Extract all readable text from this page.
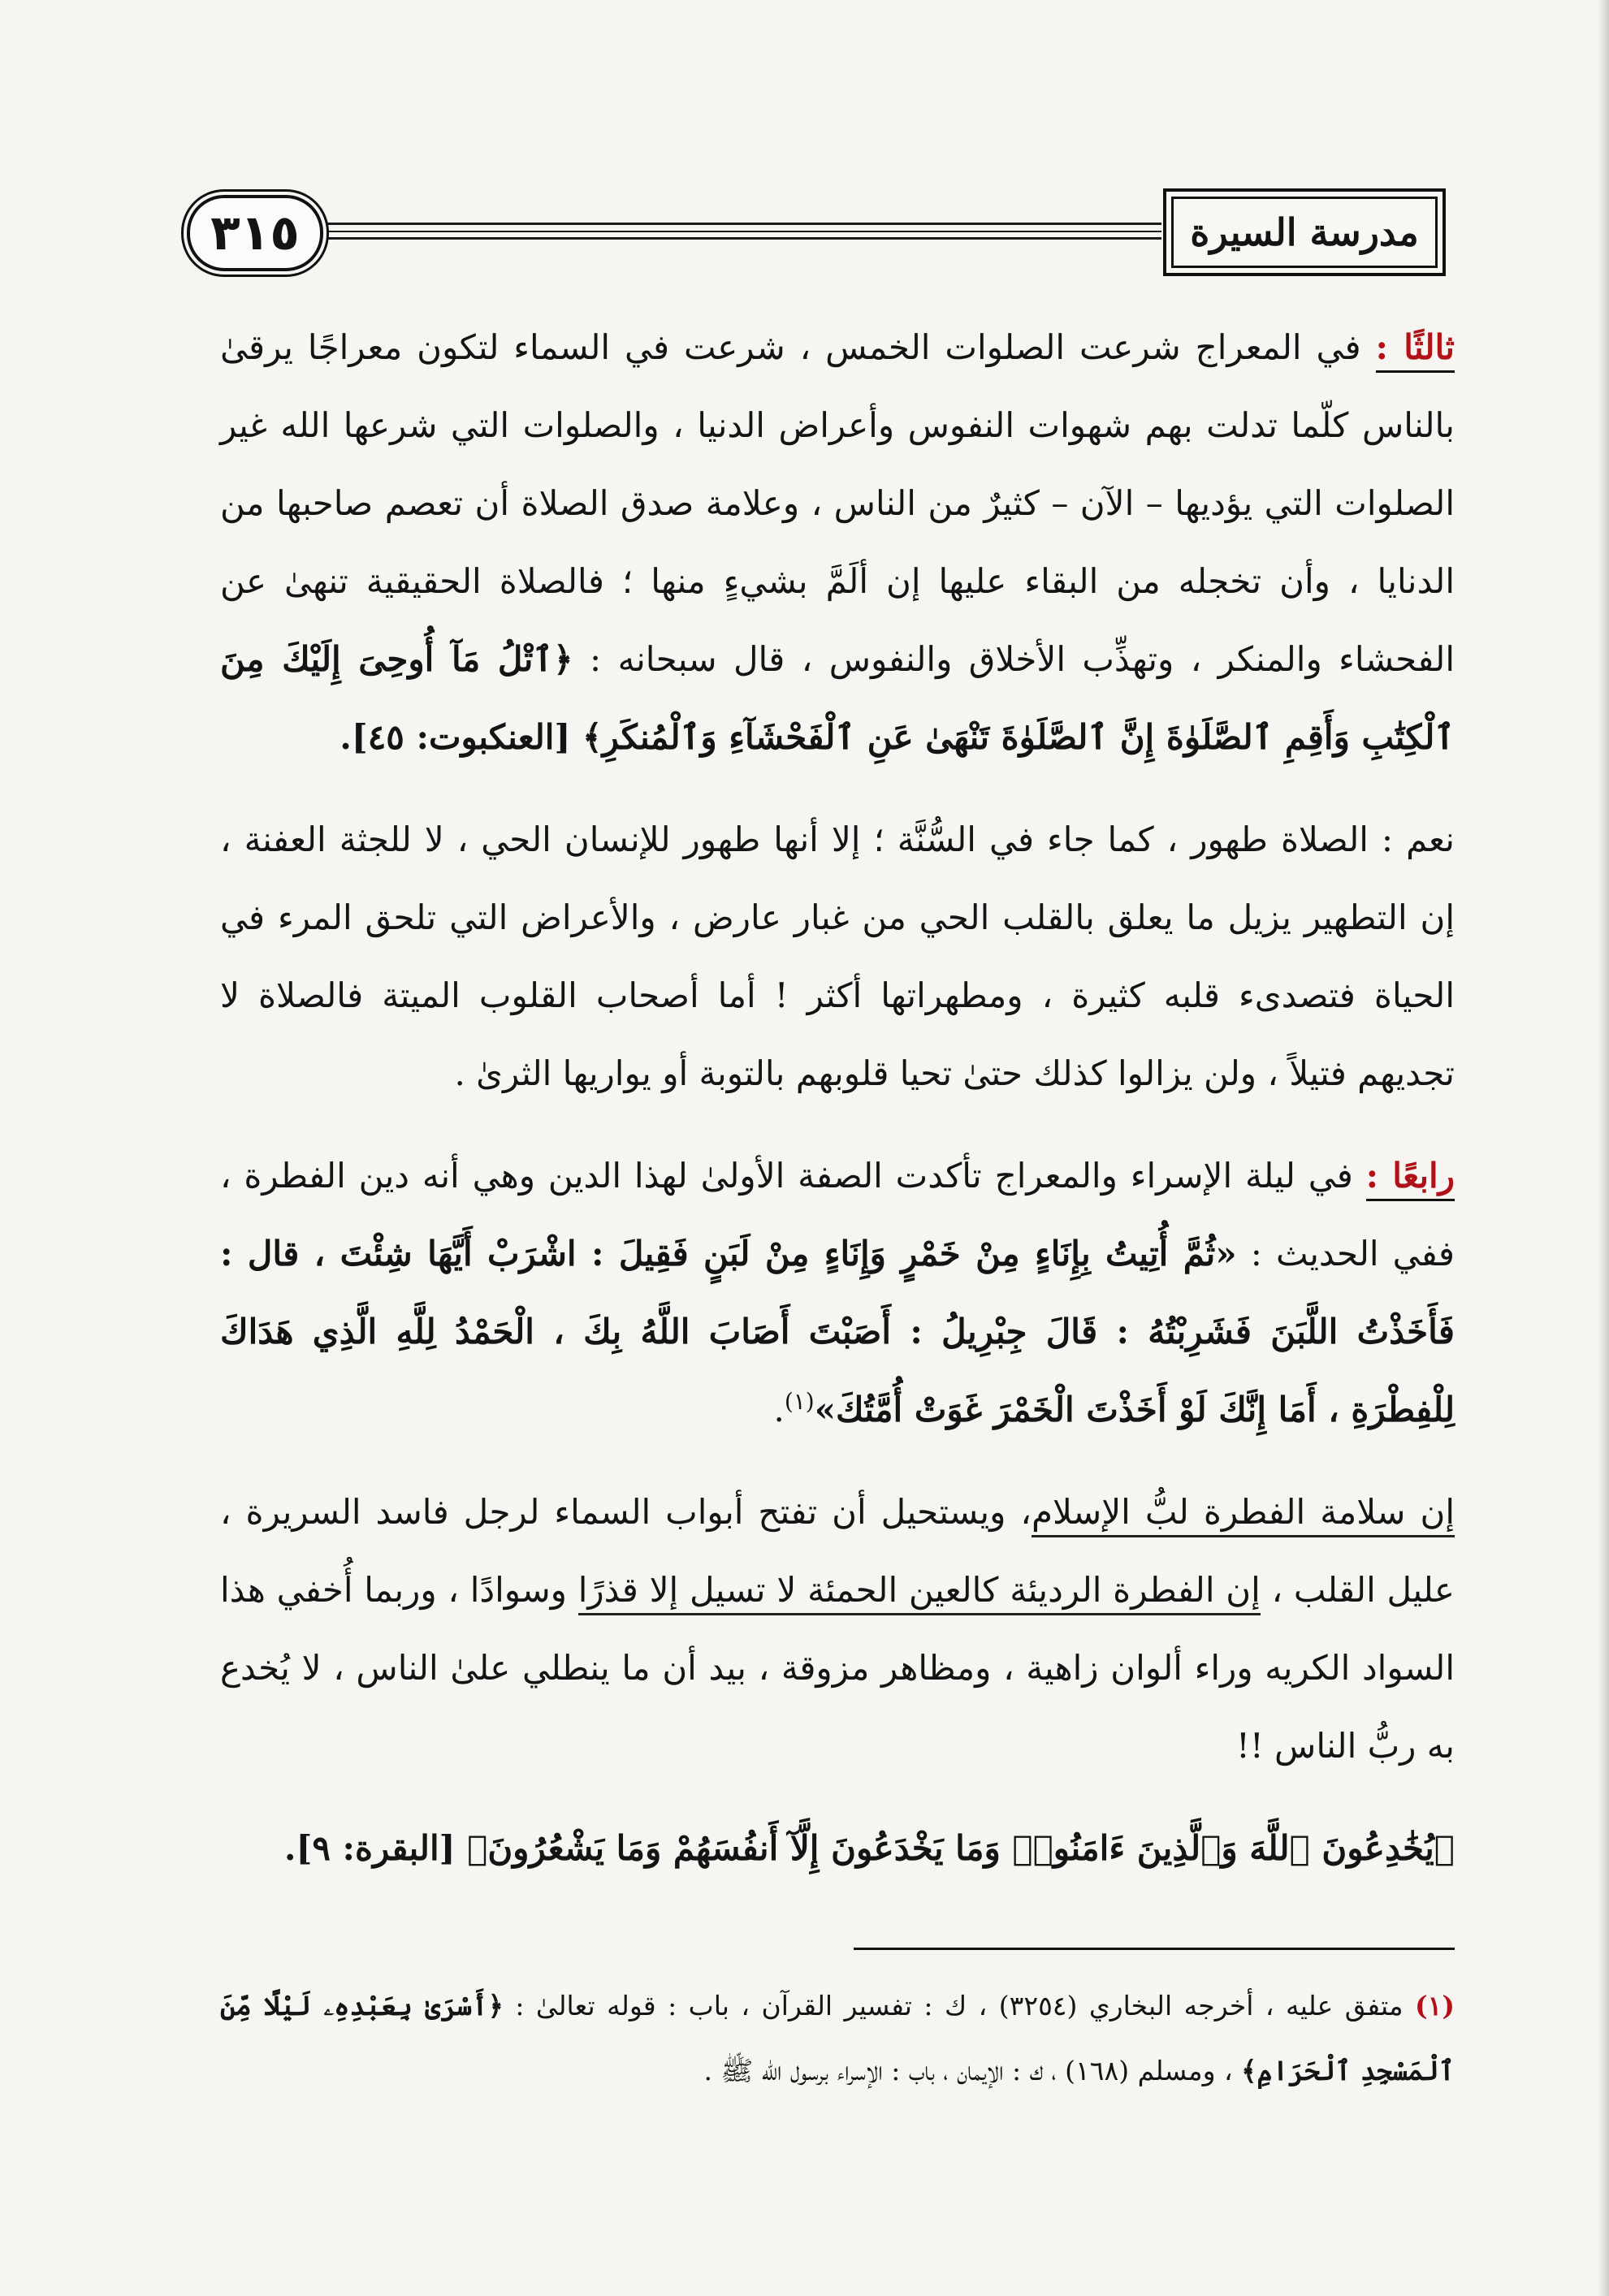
٣١٥	مدرسة السيرة

ثالثًا : في المعراج شرعت الصلوات الخمس ، شرعت في السماء لتكون معراجًا يرقىٰ بالناس كلّما تدلت بهم شهوات النفوس وأعراض الدنيا ، والصلوات التي شرعها الله غير الصلوات التي يؤديها – الآن – كثيرٌ من الناس ، وعلامة صدق الصلاة أن تعصم صاحبها من الدنايا ، وأن تخجله من البقاء عليها إن ألَمَّ بشيءٍ منها ؛ فالصلاة الحقيقية تنهىٰ عن الفحشاء والمنكر ، وتهذِّب الأخلاق والنفوس ، قال سبحانه : ﴿ٱتْلُ مَآ أُوحِىَ إِلَيْكَ مِنَ ٱلْكِتَٰبِ وَأَقِمِ ٱلصَّلَوٰةَ إِنَّ ٱلصَّلَوٰةَ تَنْهَىٰ عَنِ ٱلْفَحْشَآءِ وَٱلْمُنكَرِ﴾ [العنكبوت: ٤٥].

نعم : الصلاة طهور ، كما جاء في السُّنَّة ؛ إلا أنها طهور للإنسان الحي ، لا للجثة العفنة ، إن التطهير يزيل ما يعلق بالقلب الحي من غبار عارض ، والأعراض التي تلحق المرء في الحياة فتصدىء قلبه كثيرة ، ومطهراتها أكثر ! أما أصحاب القلوب الميتة فالصلاة لا تجديهم فتيلاً ، ولن يزالوا كذلك حتىٰ تحيا قلوبهم بالتوبة أو يواريها الثرىٰ .

رابعًا : في ليلة الإسراء والمعراج تأكدت الصفة الأولىٰ لهذا الدين وهي أنه دين الفطرة ، ففي الحديث : «ثُمَّ أُتِيتُ بِإِنَاءٍ مِنْ خَمْرٍ وَإِنَاءٍ مِنْ لَبَنٍ فَقِيلَ : اشْرَبْ أَيَّهَا شِئْتَ ، قال : فَأَخَذْتُ اللَّبَنَ فَشَرِبْتُهُ : قَالَ جِبْرِيلُ : أَصَبْتَ أَصَابَ اللَّهُ بِكَ ، الْحَمْدُ لِلَّهِ الَّذِي هَدَاكَ لِلْفِطْرَةِ ، أَمَا إِنَّكَ لَوْ أَخَذْتَ الْخَمْرَ غَوَتْ أُمَّتُكَ»$^{(١)}$.

إن سلامة الفطرة لبُّ الإسلام، ويستحيل أن تفتح أبواب السماء لرجل فاسد السريرة ، عليل القلب ، إن الفطرة الرديئة كالعين الحمئة لا تسيل إلا قذرًا وسوادًا ، وربما أُخفي هذا السواد الكريه وراء ألوان زاهية ، ومظاهر مزوقة ، بيد أن ما ينطلي علىٰ الناس ، لا يُخدع به ربُّ الناس !!

﴿يُخَٰدِعُونَ ٱللَّهَ وَٱلَّذِينَ ءَامَنُوا۟ وَمَا يَخْدَعُونَ إِلَّآ أَنفُسَهُمْ وَمَا يَشْعُرُونَ﴾ [البقرة: ٩].

(١) متفق عليه ، أخرجه البخاري (٣٢٥٤) ، ك : تفسير القرآن ، باب : قوله تعالىٰ : ﴿أَسْرَىٰ بِعَبْدِهِۦ لَيْلًا مِّنَ ٱلْمَسْجِدِ ٱلْحَرَامِ﴾ ، ومسلم (١٦٨) ، ك : الإيمان ، باب : الإسراء برسول الله ﷺ .
